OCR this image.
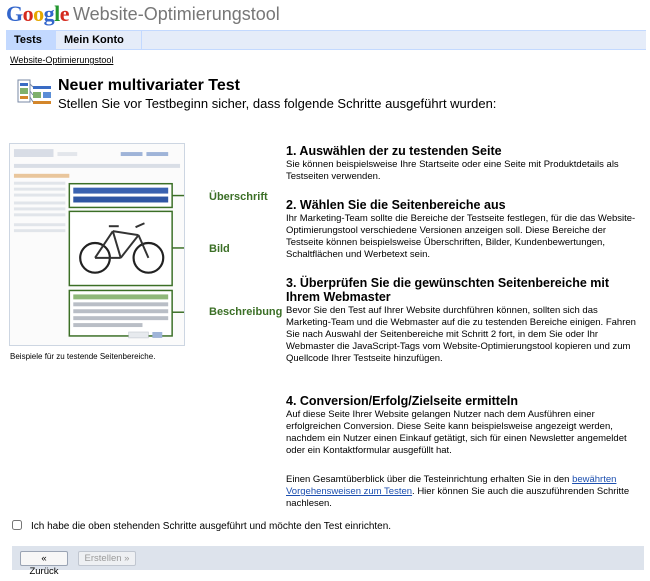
Google Website-Optimierungstool
Tests	Mein Konto
Website-Optimierungstool
Neuer multivariater Test
Stellen Sie vor Testbeginn sicher, dass folgende Schritte ausgeführt wurden:
Überschrift
Bild
Beschreibung
Beispiele für zu testende Seitenbereiche.
1. Auswählen der zu testenden Seite
Sie können beispielsweise Ihre Startseite oder eine Seite mit Produktdetails als Testseiten verwenden.
2. Wählen Sie die Seitenbereiche aus
Ihr Marketing-Team sollte die Bereiche der Testseite festlegen, für die das Website-Optimierungstool verschiedene Versionen anzeigen soll. Diese Bereiche der Testseite können beispielsweise Überschriften, Bilder, Kundenbewertungen, Schaltflächen und Werbetext sein.
3. Überprüfen Sie die gewünschten Seitenbereiche mit Ihrem Webmaster
Bevor Sie den Test auf Ihrer Website durchführen können, sollten sich das Marketing-Team und die Webmaster auf die zu testenden Bereiche einigen. Fahren Sie nach Auswahl der Seitenbereiche mit Schritt 2 fort, in dem Sie oder Ihr Webmaster die JavaScript-Tags vom Website-Optimierungstool kopieren und zum Quellcode Ihrer Testseite hinzufügen.
4. Conversion/Erfolg/Zielseite ermitteln
Auf diese Seite Ihrer Website gelangen Nutzer nach dem Ausführen einer erfolgreichen Conversion. Diese Seite kann beispielsweise angezeigt werden, nachdem ein Nutzer einen Einkauf getätigt, sich für einen Newsletter angemeldet oder ein Kontaktformular ausgefüllt hat.
Einen Gesamtüberblick über die Testeinrichtung erhalten Sie in den bewährten Vorgehensweisen zum Testen. Hier können Sie auch die auszuführenden Schritte nachlesen.
Ich habe die oben stehenden Schritte ausgeführt und möchte den Test einrichten.
« Zurück
Erstellen »
